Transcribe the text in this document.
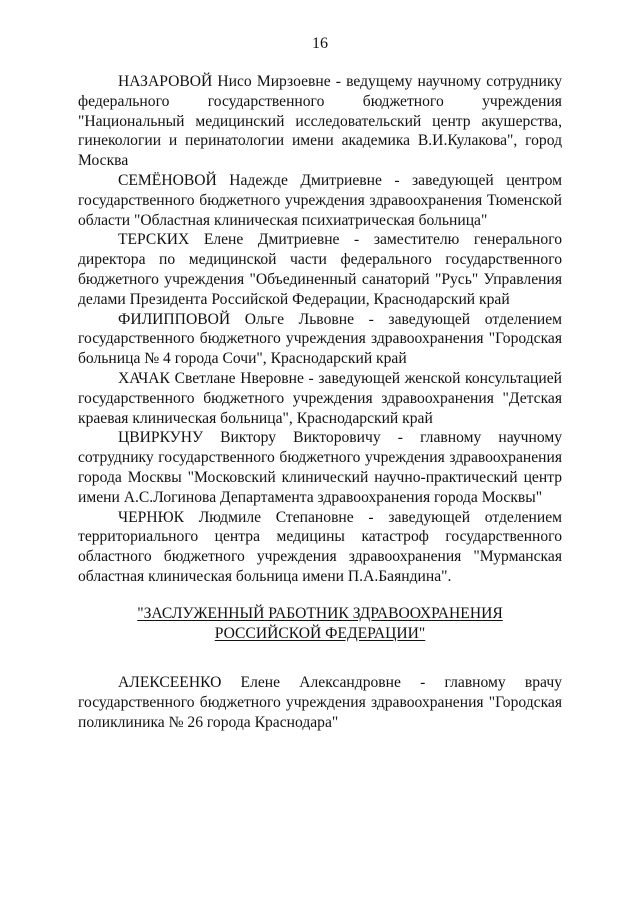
16

НАЗАРОВОЙ Нисо Мирзоевне - ведущему научному сотруднику федерального государственного бюджетного учреждения "Национальный медицинский исследовательский центр акушерства, гинекологии и перинатологии имени академика В.И.Кулакова", город Москва

СЕМЁНОВОЙ Надежде Дмитриевне - заведующей центром государственного бюджетного учреждения здравоохранения Тюменской области "Областная клиническая психиатрическая больница"

ТЕРСКИХ Елене Дмитриевне - заместителю генерального директора по медицинской части федерального государственного бюджетного учреждения "Объединенный санаторий "Русь" Управления делами Президента Российской Федерации, Краснодарский край

ФИЛИППОВОЙ Ольге Львовне - заведующей отделением государственного бюджетного учреждения здравоохранения "Городская больница № 4 города Сочи", Краснодарский край

ХАЧАК Светлане Нверовне - заведующей женской консультацией государственного бюджетного учреждения здравоохранения "Детская краевая клиническая больница", Краснодарский край

ЦВИРКУНУ Виктору Викторовичу - главному научному сотруднику государственного бюджетного учреждения здравоохранения города Москвы "Московский клинический научно-практический центр имени А.С.Логинова Департамента здравоохранения города Москвы"

ЧЕРНЮК Людмиле Степановне - заведующей отделением территориального центра медицины катастроф государственного областного бюджетного учреждения здравоохранения "Мурманская областная клиническая больница имени П.А.Баяндина".

"ЗАСЛУЖЕННЫЙ РАБОТНИК ЗДРАВООХРАНЕНИЯ
РОССИЙСКОЙ ФЕДЕРАЦИИ"

АЛЕКСЕЕНКО Елене Александровне - главному врачу государственного бюджетного учреждения здравоохранения "Городская поликлиника № 26 города Краснодара"
